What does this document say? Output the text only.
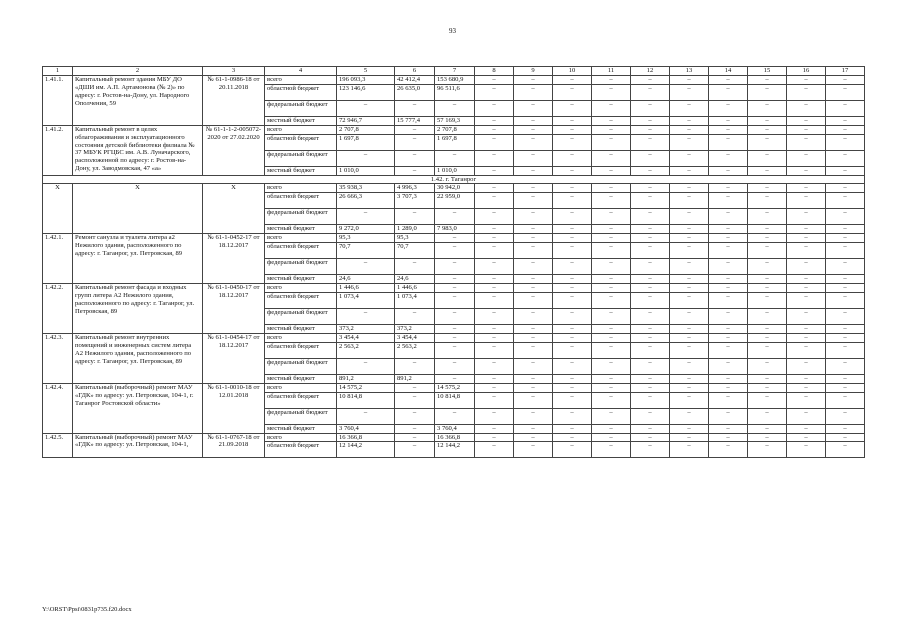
93
1	2	3	4	5	6	7	8	9	10	11	12	13	14	15	16	17
1.41.1.	Капитальный ремонт здания МБУ ДО «ДШИ им. А.П. Артамонова (№ 2)» по адресу: г. Ростов-на-Дону, ул. Народного Ополчения, 59	№ 61-1-0986-18 от 20.11.2018	всего	196 093,3	42 412,4	153 680,9	–	–	–	–	–	–	–	–	–	–
			областной бюджет	123 146,6	26 635,0	96 511,6	–	–	–	–	–	–	–	–	–	–
			федеральный бюджет	–	–	–	–	–	–	–	–	–	–	–	–	–
			местный бюджет	72 946,7	15 777,4	57 169,3	–	–	–	–	–	–	–	–	–	–
1.41.2.	Капитальный ремонт в целях облагораживания и эксплуатационного состояния детской библиотеки филиала № 37 МБУК РГЦБС им. А.В. Луначарского, расположенной по адресу: г. Ростов-на-Дону, ул. Заводмовская, 47 «а»	№ 61-1-1-2-005072-2020 от 27.02.2020	всего	2 707,8	–	2 707,8	–	–	–	–	–	–	–	–	–	–
			областной бюджет	1 697,8	–	1 697,8	–	–	–	–	–	–	–	–	–	–
			федеральный бюджет	–	–	–	–	–	–	–	–	–	–	–	–	–
			местный бюджет	1 010,0	–	1 010,0	–	–	–	–	–	–	–	–	–	–
1.42. г. Таганрог																
Х	Х	Х	всего	35 938,3	4 996,3	30 942,0	–	–	–	–	–	–	–	–	–	–
			областной бюджет	26 666,3	3 707,3	22 959,0	–	–	–	–	–	–	–	–	–	–
			федеральный бюджет	–	–	–	–	–	–	–	–	–	–	–	–	–
			местный бюджет	9 272,0	1 289,0	7 983,0	–	–	–	–	–	–	–	–	–	–
1.42.1.	Ремонт санузла и туалета литера а2 Нежилого здания, расположенного по адресу: г. Таганрог, ул. Петровская, 89	№ 61-1-0452-17 от 18.12.2017	всего	95,3	95,3	–	–	–	–	–	–	–	–	–	–	–
			областной бюджет	70,7	70,7	–	–	–	–	–	–	–	–	–	–	–
			федеральный бюджет	–	–	–	–	–	–	–	–	–	–	–	–	–
			местный бюджет	24,6	24,6	–	–	–	–	–	–	–	–	–	–	–
1.42.2.	Капитальный ремонт фасада и входных групп литера А2 Нежилого здания, расположенного по адресу: г. Таганрог, ул. Петровская, 89	№ 61-1-0450-17 от 18.12.2017	всего	1 446,6	1 446,6	–	–	–	–	–	–	–	–	–	–	–
			областной бюджет	1 073,4	1 073,4	–	–	–	–	–	–	–	–	–	–	–
			федеральный бюджет	–	–	–	–	–	–	–	–	–	–	–	–	–
			местный бюджет	373,2	373,2	–	–	–	–	–	–	–	–	–	–	–
1.42.3.	Капитальный ремонт внутренних помещений и инженерных систем литера А2 Нежилого здания, расположенного по адресу: г. Таганрог, ул. Петровская, 89	№ 61-1-0454-17 от 18.12.2017	всего	3 454,4	3 454,4	–	–	–	–	–	–	–	–	–	–	–
			областной бюджет	2 563,2	2 563,2	–	–	–	–	–	–	–	–	–	–	–
			федеральный бюджет	–	–	–	–	–	–	–	–	–	–	–	–	–
			местный бюджет	891,2	891,2	–	–	–	–	–	–	–	–	–	–	–
1.42.4.	Капитальный (выборочный) ремонт МАУ «ГДК» по адресу: ул. Петровская, 104-1, г. Таганрог Ростовской области»	№ 61-1-0010-18 от 12.01.2018	всего	14 575,2	–	14 575,2	–	–	–	–	–	–	–	–	–	–
			областной бюджет	10 814,8	–	10 814,8	–	–	–	–	–	–	–	–	–	–
			федеральный бюджет	–	–	–	–	–	–	–	–	–	–	–	–	–
			местный бюджет	3 760,4	–	3 760,4	–	–	–	–	–	–	–	–	–	–
1.42.5.	Капитальный (выборочный) ремонт МАУ «ГДК» по адресу: ул. Петровская, 104-1,	№ 61-1-0767-18 от 21.09.2018	всего	16 366,8	–	16 366,8	–	–	–	–	–	–	–	–	–	–
			областной бюджет	12 144,2	–	12 144,2	–	–	–	–	–	–	–	–	–	–
Y:\ORST\Ppsi\0831p735.f20.docx
